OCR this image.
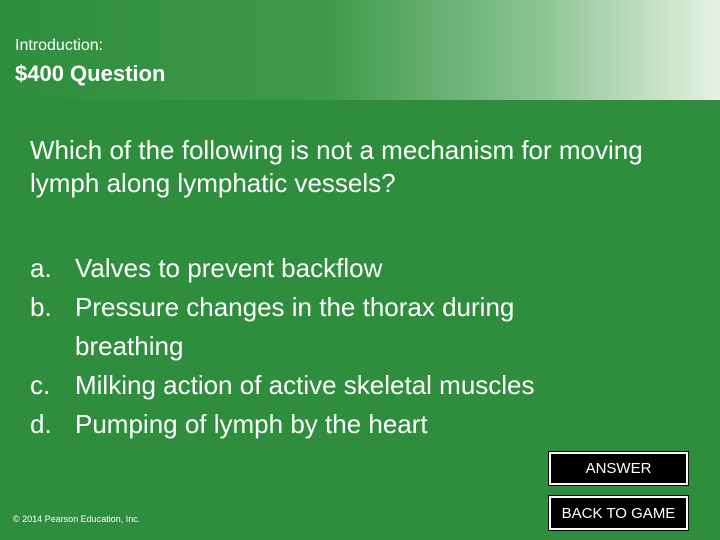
Introduction:
$400 Question
Which of the following is not a mechanism for moving lymph along lymphatic vessels?
a. Valves to prevent backflow
b. Pressure changes in the thorax during breathing
c. Milking action of active skeletal muscles
d. Pumping of lymph by the heart
ANSWER
BACK TO GAME
© 2014 Pearson Education, Inc.
